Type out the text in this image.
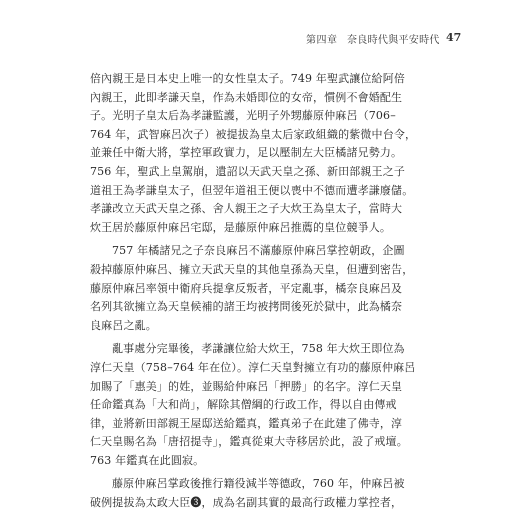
第四章 奈良時代與平安時代 47
倍內親王是日本史上唯一的女性皇太子。749 年聖武讓位給阿倍
內親王，此即孝謙天皇，作為未婚即位的女帝，慣例不會婚配生
子。光明子皇太后為孝謙監護，光明子外甥藤原仲麻呂（706–
764 年，武智麻呂次子）被提拔為皇太后家政組織的紫微中台令，
並兼任中衛大將，掌控軍政實力，足以壓制左大臣橘諸兄勢力。
756 年，聖武上皇駕崩，遺詔以天武天皇之孫、新田部親王之子
道祖王為孝謙皇太子，但翌年道祖王便以喪中不德而遭孝謙廢儲。
孝謙改立天武天皇之孫、舍人親王之子大炊王為皇太子，當時大
炊王居於藤原仲麻呂宅邸，是藤原仲麻呂推薦的皇位競爭人。
757 年橘諸兄之子奈良麻呂不滿藤原仲麻呂掌控朝政，企圖
殺掉藤原仲麻呂、擁立天武天皇的其他皇孫為天皇，但遭到密告，
藤原仲麻呂率領中衛府兵提拿反叛者，平定亂事，橘奈良麻呂及
名列其欲擁立為天皇候補的諸王均被拷問後死於獄中，此為橘奈
良麻呂之亂。
亂事處分完畢後，孝謙讓位給大炊王，758 年大炊王即位為
淳仁天皇（758–764 年在位）。淳仁天皇對擁立有功的藤原仲麻呂
加賜了「惠美」的姓，並賜給仲麻呂「押勝」的名字。淳仁天皇
任命鑑真為「大和尚」，解除其僧綱的行政工作，得以自由傳戒
律，並將新田部親王屋邸送給鑑真，鑑真弟子在此建了佛寺，淳
仁天皇賜名為「唐招提寺」，鑑真從東大寺移居於此，設了戒壇。
763 年鑑真在此圓寂。
藤原仲麻呂掌政後推行籍役減半等德政，760 年，仲麻呂被
破例提拔為太政大臣❸，成為名副其實的最高行政權力掌控者，
